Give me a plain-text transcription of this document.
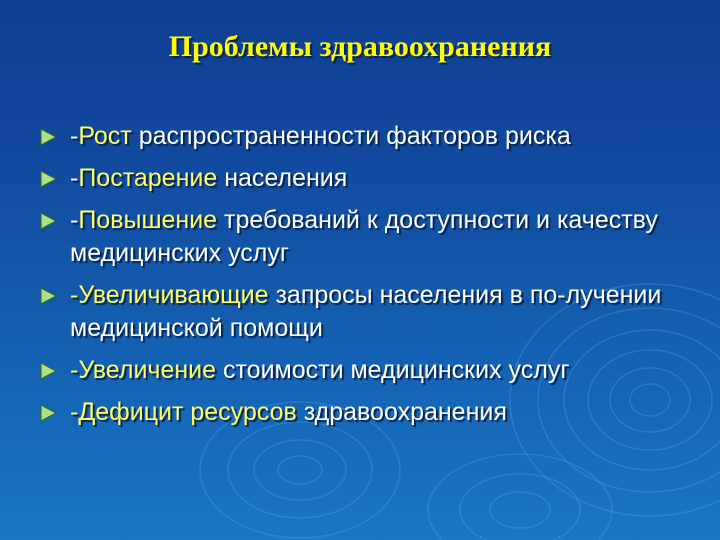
Проблемы здравоохранения
-Рост распространенности факторов риска
-Постарение населения
-Повышение требований к доступности и качеству медицинских услуг
-Увеличивающие запросы населения в по-лучении медицинской помощи
-Увеличение стоимости медицинских услуг
-Дефицит ресурсов здравоохранения
